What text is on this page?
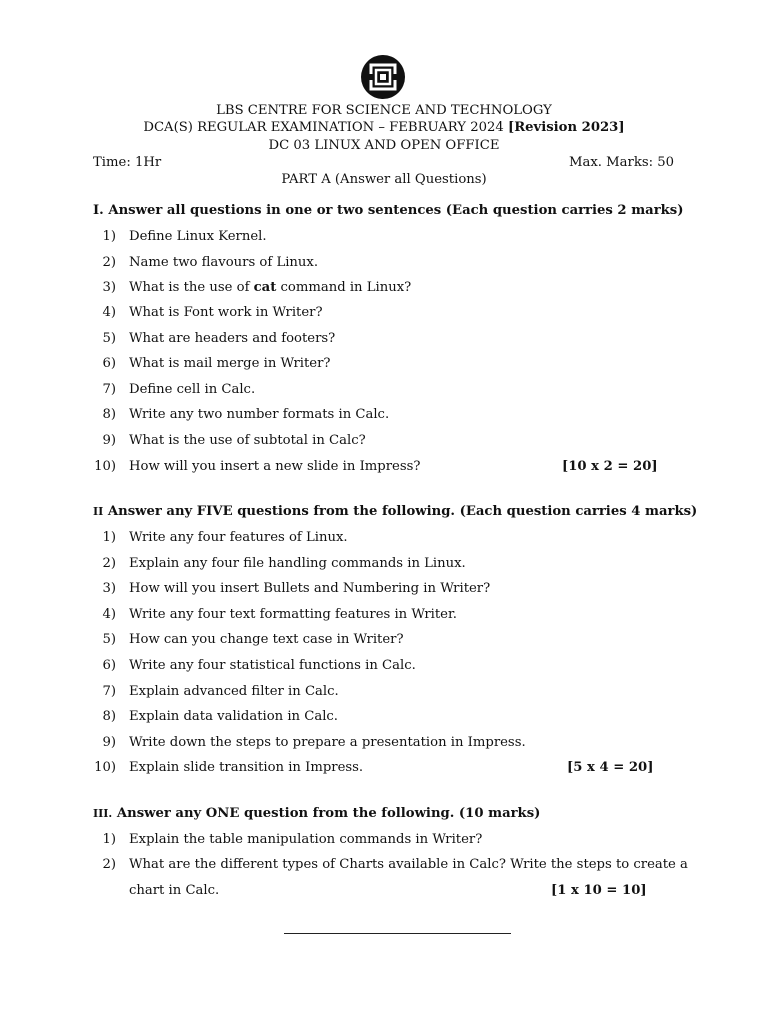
LBS CENTRE FOR SCIENCE AND TECHNOLOGY
DCA(S) REGULAR EXAMINATION – FEBRUARY 2024 [Revision 2023]
DC 03 LINUX AND OPEN OFFICE
Time: 1Hr	Max. Marks: 50
PART A (Answer all Questions)
I. Answer all questions in one or two sentences (Each question carries 2 marks)
1) Define Linux Kernel.
2) Name two flavours of Linux.
3) What is the use of cat command in Linux?
4) What is Font work in Writer?
5) What are headers and footers?
6) What is mail merge in Writer?
7) Define cell in Calc.
8) Write any two number formats in Calc.
9) What is the use of subtotal in Calc?
10) How will you insert a new slide in Impress?	[10 x 2 = 20]
II Answer any FIVE questions from the following. (Each question carries 4 marks)
1) Write any four features of Linux.
2) Explain any four file handling commands in Linux.
3) How will you insert Bullets and Numbering in Writer?
4) Write any four text formatting features in Writer.
5) How can you change text case in Writer?
6) Write any four statistical functions in Calc.
7) Explain advanced filter in Calc.
8) Explain data validation in Calc.
9) Write down the steps to prepare a presentation in Impress.
10) Explain slide transition in Impress.	[5 x 4 = 20]
III. Answer any ONE question from the following. (10 marks)
1) Explain the table manipulation commands in Writer?
2) What are the different types of Charts available in Calc? Write the steps to create a
chart in Calc.	[1 x 10 = 10]
